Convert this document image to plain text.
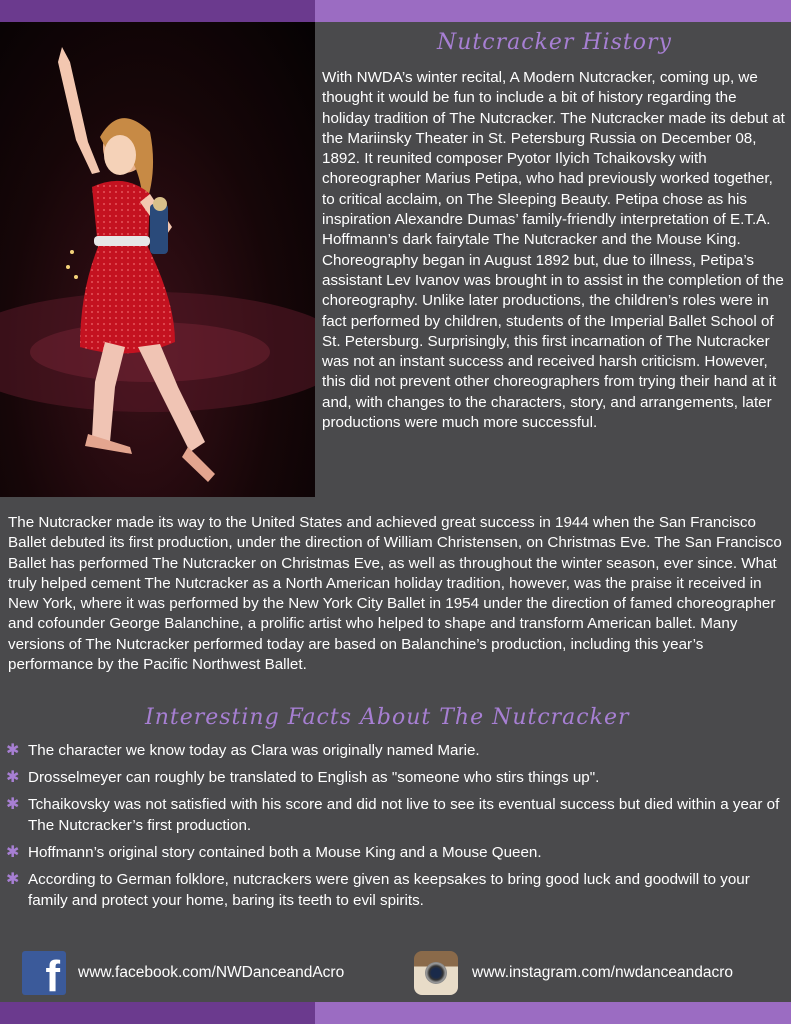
Nutcracker History
With NWDA’s winter recital, A Modern Nutcracker, coming up, we thought it would be fun to include a bit of history regarding the holiday tradition of The Nutcracker. The Nutcracker made its debut at the Mariinsky Theater in St. Petersburg Russia on December 08, 1892. It reunited composer Pyotor Ilyich Tchaikovsky with choreographer Marius Petipa, who had previously worked together, to critical acclaim, on The Sleeping Beauty. Petipa chose as his inspiration Alexandre Dumas’ family-friendly interpretation of E.T.A. Hoffmann’s dark fairytale The Nutcracker and the Mouse King. Choreography began in August 1892 but, due to illness, Petipa’s assistant Lev Ivanov was brought in to assist in the completion of the choreography. Unlike later productions, the children’s roles were in fact performed by children, students of the Imperial Ballet School of St. Petersburg. Surprisingly, this first incarnation of The Nutcracker was not an instant success and received harsh criticism. However, this did not prevent other choreographers from trying their hand at it and, with changes to the characters, story, and arrangements, later productions were much more successful.
The Nutcracker made its way to the United States and achieved great success in 1944 when the San Francisco Ballet debuted its first production, under the direction of William Christensen, on Christmas Eve. The San Francisco Ballet has performed The Nutcracker on Christmas Eve, as well as throughout the winter season, ever since. What truly helped cement The Nutcracker as a North American holiday tradition, however, was the praise it received in New York, where it was performed by the New York City Ballet in 1954 under the direction of famed choreographer and cofounder George Balanchine, a prolific artist who helped to shape and transform American ballet. Many versions of The Nutcracker performed today are based on Balanchine’s production, including this year’s performance by the Pacific Northwest Ballet.
Interesting Facts About The Nutcracker
✱ The character we know today as Clara was originally named Marie.
✱ Drosselmeyer can roughly be translated to English as "someone who stirs things up".
✱ Tchaikovsky was not satisfied with his score and did not live to see its eventual success but died within a year of The Nutcracker’s first production.
✱ Hoffmann’s original story contained both a Mouse King and a Mouse Queen.
✱ According to German folklore, nutcrackers were given as keepsakes to bring good luck and goodwill to your family and protect your home, baring its teeth to evil spirits.
f www.facebook.com/NWDanceandAcro	www.instagram.com/nwdanceandacro
